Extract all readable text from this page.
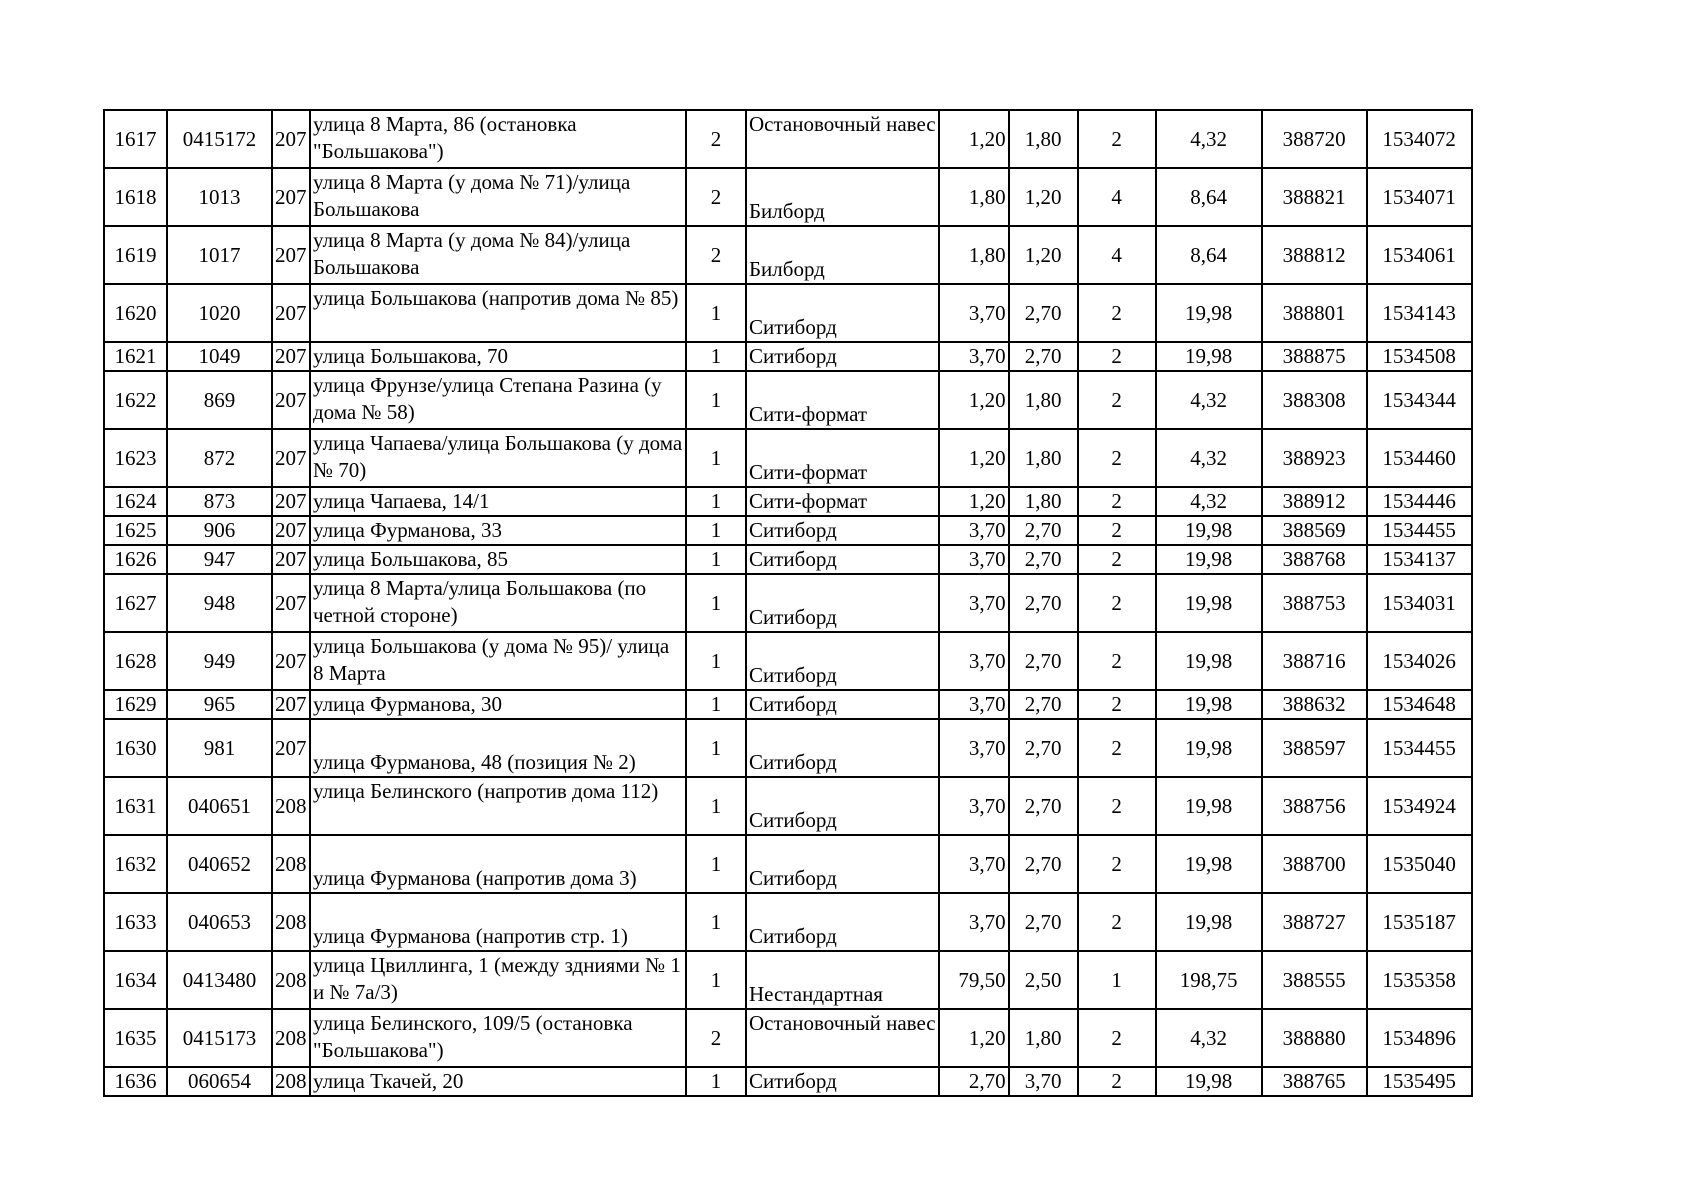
1617	0415172	207	улица 8 Марта, 86 (остановка "Большакова")	2	Остановочный навес	1,20	1,80	2	4,32	388720	1534072
1618	1013	207	улица 8 Марта (у дома № 71)/улица Большакова	2	Билборд	1,80	1,20	4	8,64	388821	1534071
1619	1017	207	улица 8 Марта (у дома № 84)/улица Большакова	2	Билборд	1,80	1,20	4	8,64	388812	1534061
1620	1020	207	улица Большакова (напротив дома № 85)	1	Ситиборд	3,70	2,70	2	19,98	388801	1534143
1621	1049	207	улица Большакова, 70	1	Ситиборд	3,70	2,70	2	19,98	388875	1534508
1622	869	207	улица Фрунзе/улица Степана Разина (у дома № 58)	1	Сити-формат	1,20	1,80	2	4,32	388308	1534344
1623	872	207	улица Чапаева/улица Большакова (у дома № 70)	1	Сити-формат	1,20	1,80	2	4,32	388923	1534460
1624	873	207	улица Чапаева, 14/1	1	Сити-формат	1,20	1,80	2	4,32	388912	1534446
1625	906	207	улица Фурманова, 33	1	Ситиборд	3,70	2,70	2	19,98	388569	1534455
1626	947	207	улица Большакова, 85	1	Ситиборд	3,70	2,70	2	19,98	388768	1534137
1627	948	207	улица 8 Марта/улица Большакова (по четной стороне)	1	Ситиборд	3,70	2,70	2	19,98	388753	1534031
1628	949	207	улица Большакова (у дома № 95)/ улица 8 Марта	1	Ситиборд	3,70	2,70	2	19,98	388716	1534026
1629	965	207	улица Фурманова, 30	1	Ситиборд	3,70	2,70	2	19,98	388632	1534648
1630	981	207	улица Фурманова, 48 (позиция № 2)	1	Ситиборд	3,70	2,70	2	19,98	388597	1534455
1631	040651	208	улица Белинского (напротив дома 112)	1	Ситиборд	3,70	2,70	2	19,98	388756	1534924
1632	040652	208	улица Фурманова (напротив дома 3)	1	Ситиборд	3,70	2,70	2	19,98	388700	1535040
1633	040653	208	улица Фурманова (напротив стр. 1)	1	Ситиборд	3,70	2,70	2	19,98	388727	1535187
1634	0413480	208	улица Цвиллинга, 1 (между здниями № 1 и № 7а/3)	1	Нестандартная	79,50	2,50	1	198,75	388555	1535358
1635	0415173	208	улица Белинского, 109/5 (остановка "Большакова")	2	Остановочный навес	1,20	1,80	2	4,32	388880	1534896
1636	060654	208	улица Ткачей, 20	1	Ситиборд	2,70	3,70	2	19,98	388765	1535495
